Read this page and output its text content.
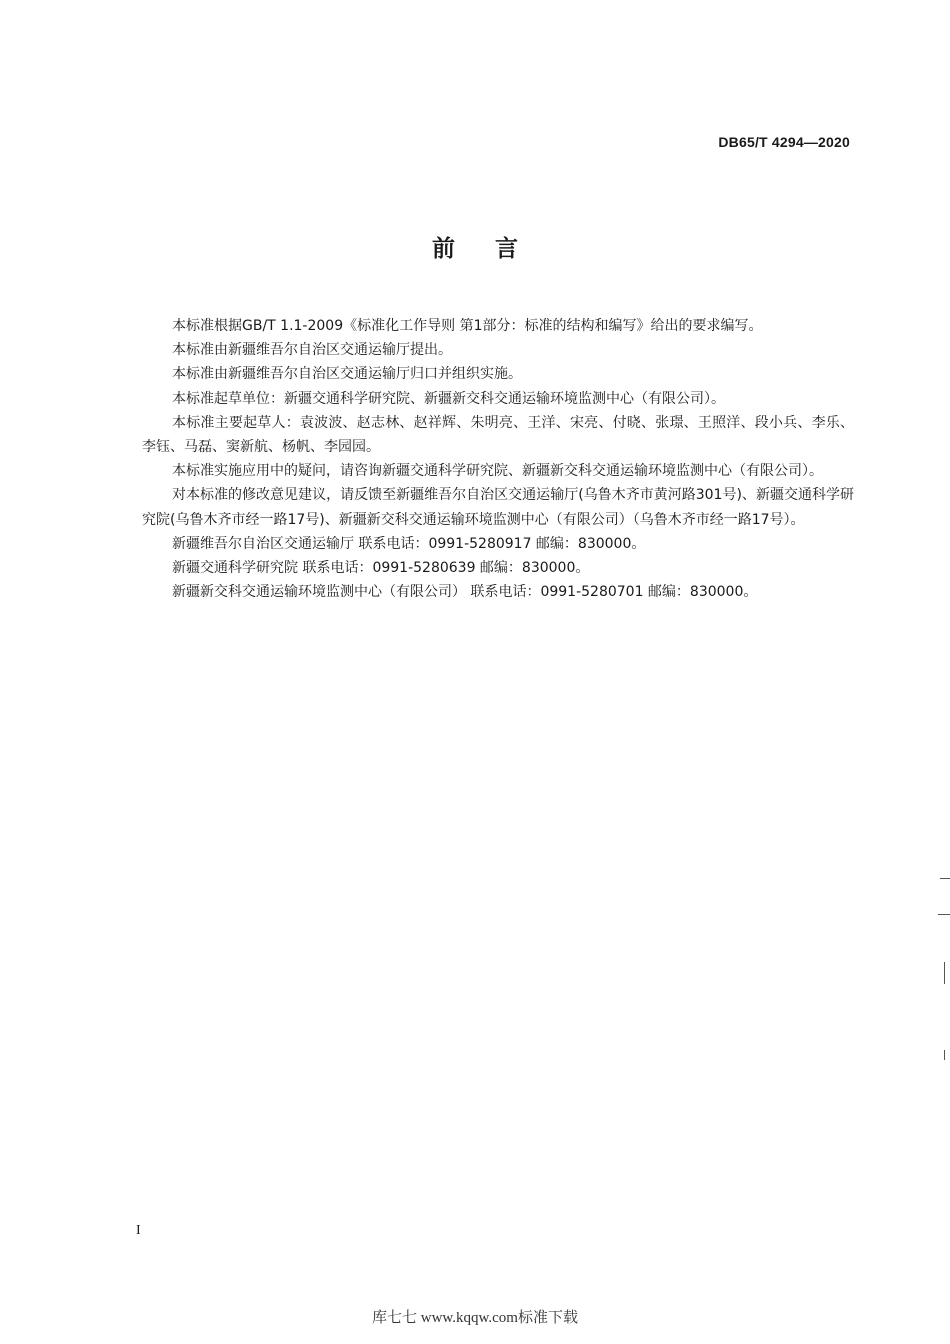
DB65/T 4294—2020
前言

本标准根据GB/T 1.1-2009《标准化工作导则 第1部分：标准的结构和编写》给出的要求编写。

本标准由新疆维吾尔自治区交通运输厅提出。

本标准由新疆维吾尔自治区交通运输厅归口并组织实施。

本标准起草单位：新疆交通科学研究院、新疆新交科交通运输环境监测中心（有限公司）。

本标准主要起草人：袁波波、赵志林、赵祥辉、朱明亮、王洋、宋亮、付晓、张璟、王照洋、段小兵、李乐、李钰、马磊、窦新航、杨帆、李园园。

本标准实施应用中的疑问，请咨询新疆交通科学研究院、新疆新交科交通运输环境监测中心（有限公司）。

对本标准的修改意见建议，请反馈至新疆维吾尔自治区交通运输厅(乌鲁木齐市黄河路301号)、新疆交通科学研究院(乌鲁木齐市经一路17号)、新疆新交科交通运输环境监测中心（有限公司）（乌鲁木齐市经一路17号）。

新疆维吾尔自治区交通运输厅 联系电话：0991-5280917 邮编：830000。

新疆交通科学研究院 联系电话：0991-5280639 邮编：830000。

新疆新交科交通运输环境监测中心（有限公司） 联系电话：0991-5280701 邮编：830000。

I
库七七 www.kqqw.com标准下载
